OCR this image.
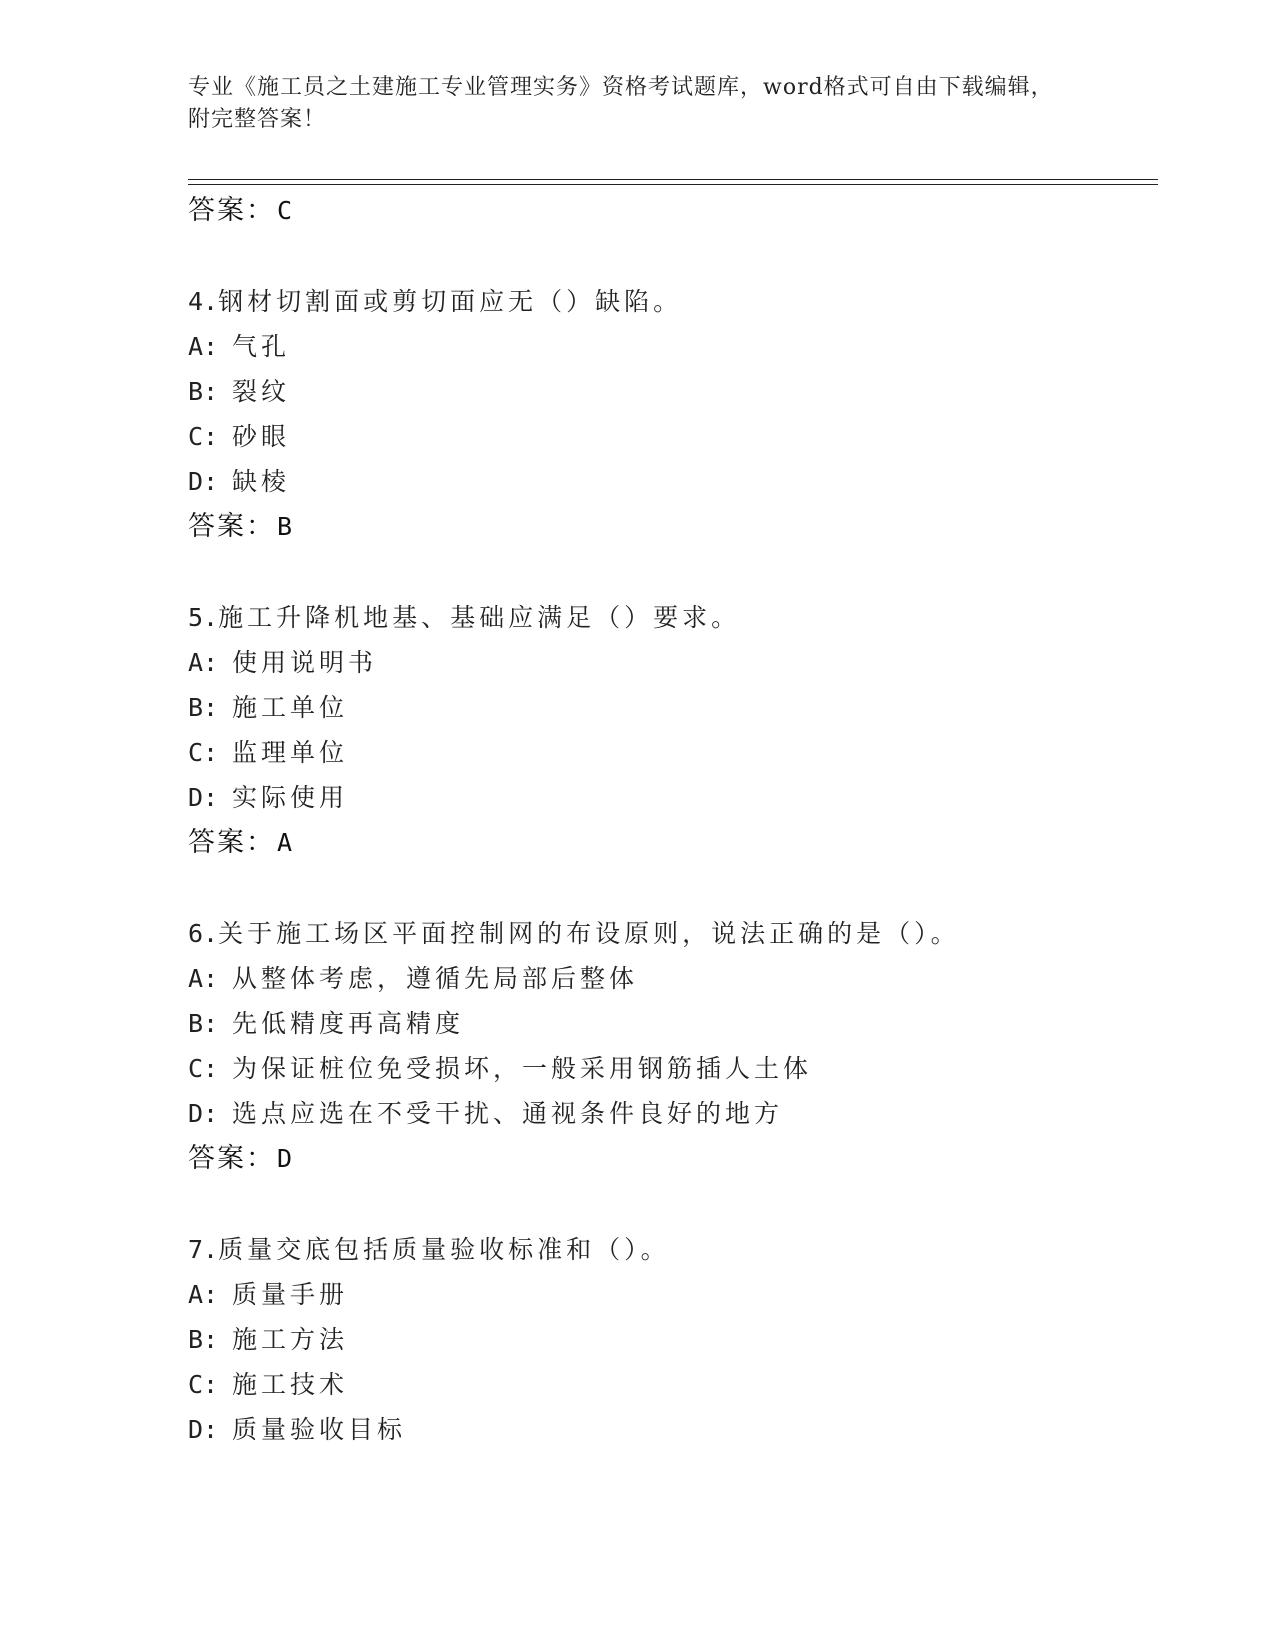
专业《施工员之土建施工专业管理实务》资格考试题库，word格式可自由下载编辑，附完整答案！
答案：C
4.钢材切割面或剪切面应无（）缺陷。
A: 气孔
B: 裂纹
C: 砂眼
D: 缺棱
答案：B
5.施工升降机地基、基础应满足（）要求。
A: 使用说明书
B: 施工单位
C: 监理单位
D: 实际使用
答案：A
6.关于施工场区平面控制网的布设原则，说法正确的是（）。
A: 从整体考虑，遵循先局部后整体
B: 先低精度再高精度
C: 为保证桩位免受损坏，一般采用钢筋插人土体
D: 选点应选在不受干扰、通视条件良好的地方
答案：D
7.质量交底包括质量验收标准和（）。
A: 质量手册
B: 施工方法
C: 施工技术
D: 质量验收目标
